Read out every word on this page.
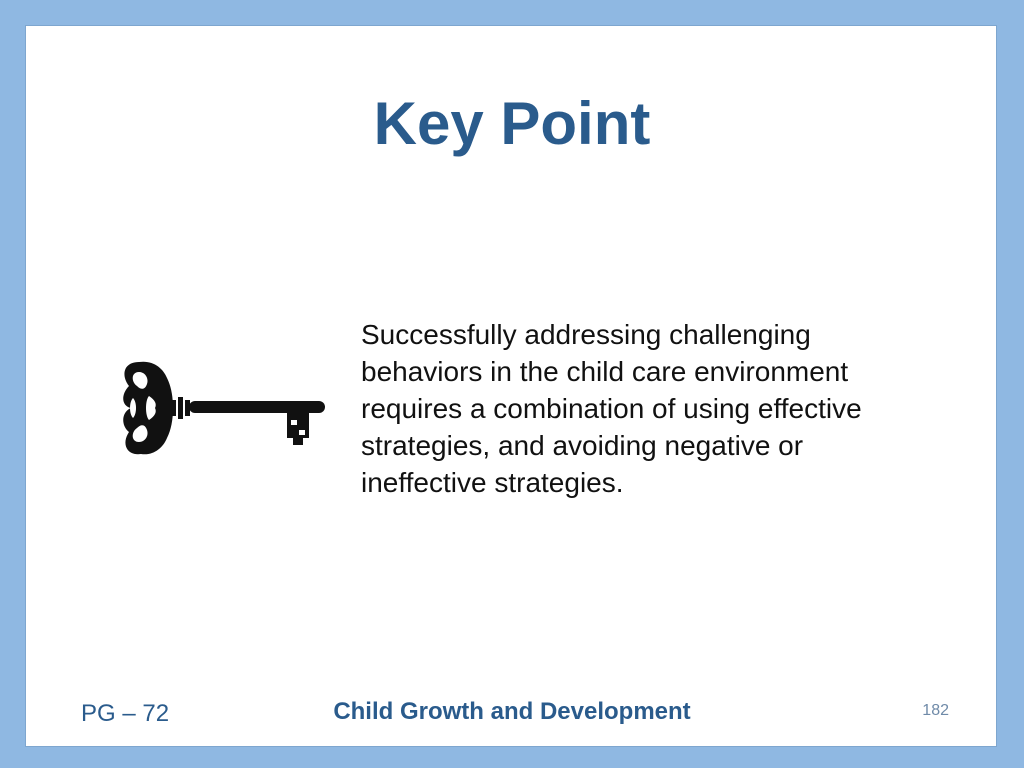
Key Point
Successfully addressing challenging behaviors in the child care environment requires a combination of using effective strategies, and avoiding negative or ineffective strategies.
PG – 72	Child Growth and Development	182
